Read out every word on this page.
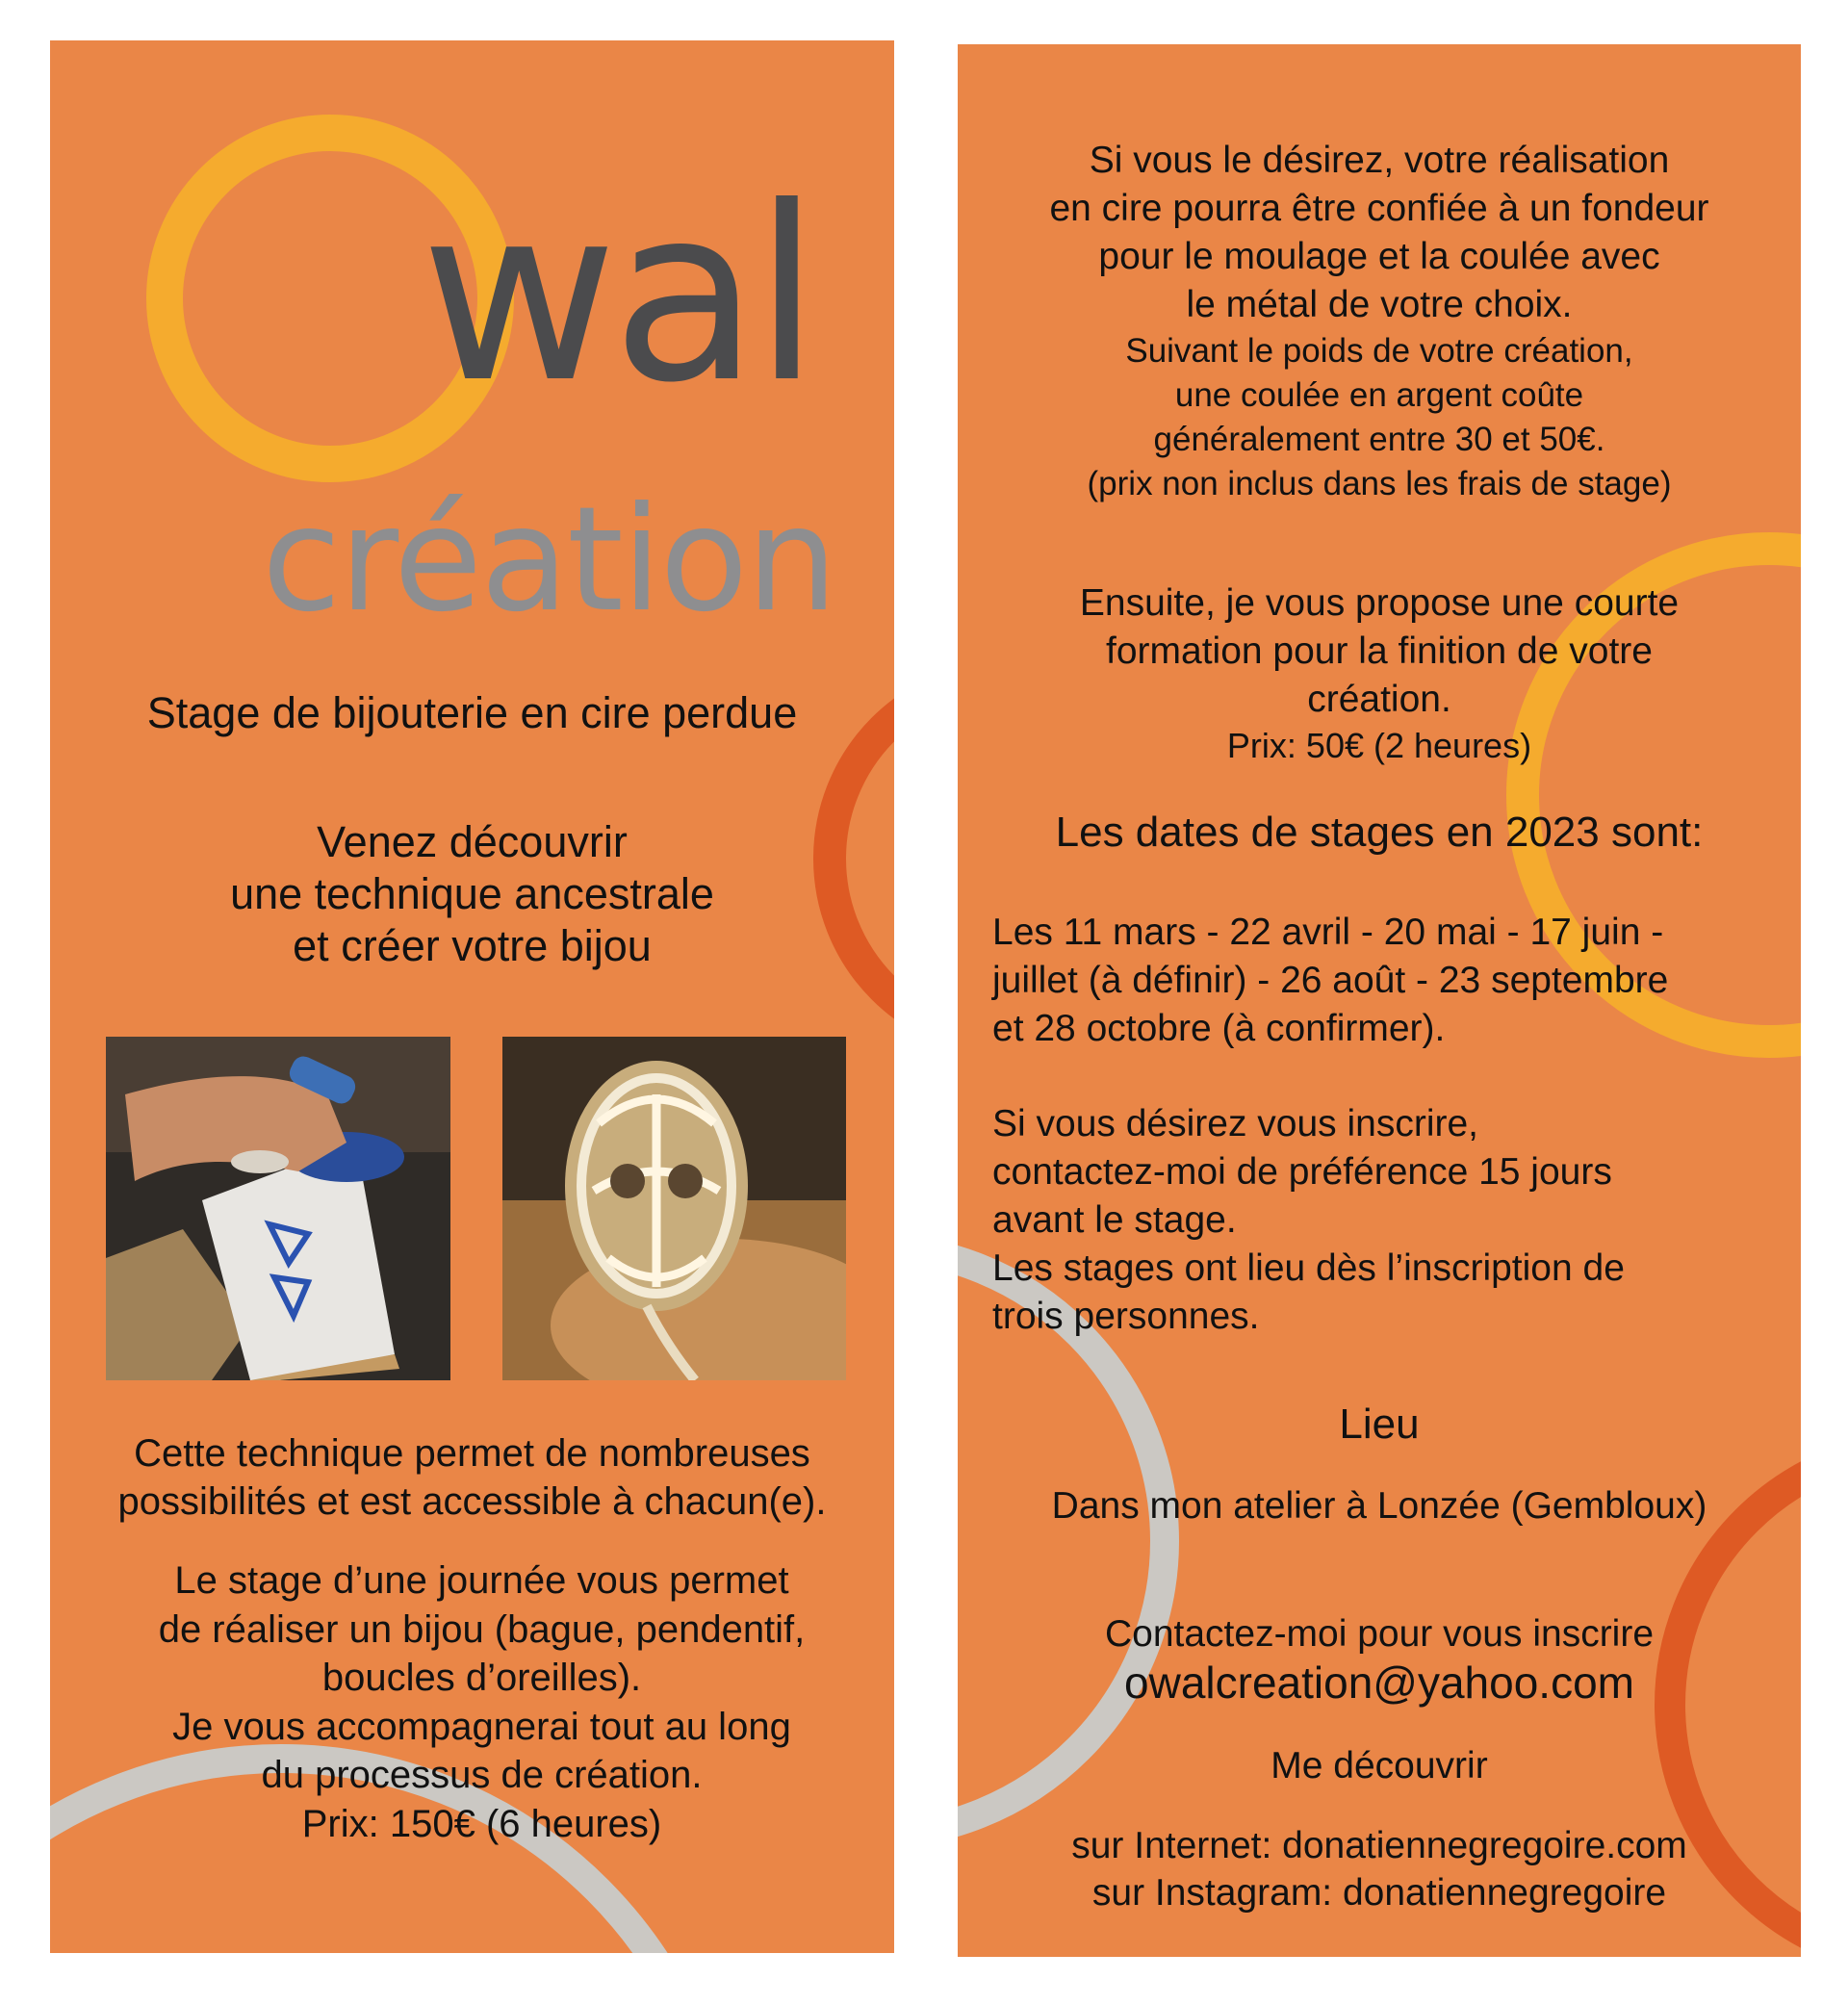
wal
création

Stage de bijouterie en cire perdue

Venez découvrir
une technique ancestrale
et créer votre bijou
Cette technique permet de nombreuses
possibilités et est accessible à chacun(e).
Le stage d’une journée vous permet
de réaliser un bijou (bague, pendentif,
boucles d’oreilles).
Je vous accompagnerai tout au long
du processus de création.
Prix: 150€ (6 heures)
Si vous le désirez, votre réalisation
en cire pourra être confiée à un fondeur
pour le moulage et la coulée avec
le métal de votre choix.
Suivant le poids de votre création,
une coulée en argent coûte
généralement entre 30 et 50€.
(prix non inclus dans les frais de stage)
Ensuite, je vous propose une courte
formation pour la finition de votre
création.
Prix: 50€ (2 heures)

Les dates de stages en 2023 sont:

Les 11 mars - 22 avril - 20 mai - 17 juin -
juillet (à définir) - 26 août - 23 septembre
et 28 octobre (à confirmer).
Si vous désirez vous inscrire,
contactez-moi de préférence 15 jours
avant le stage.
Les stages ont lieu dès l’inscription de
trois personnes.

Lieu

Dans mon atelier à Lonzée (Gembloux)

Contactez-moi pour vous inscrire

owalcreation@yahoo.com

Me découvrir

sur Internet: donatiennegregoire.com

sur Instagram: donatiennegregoire
